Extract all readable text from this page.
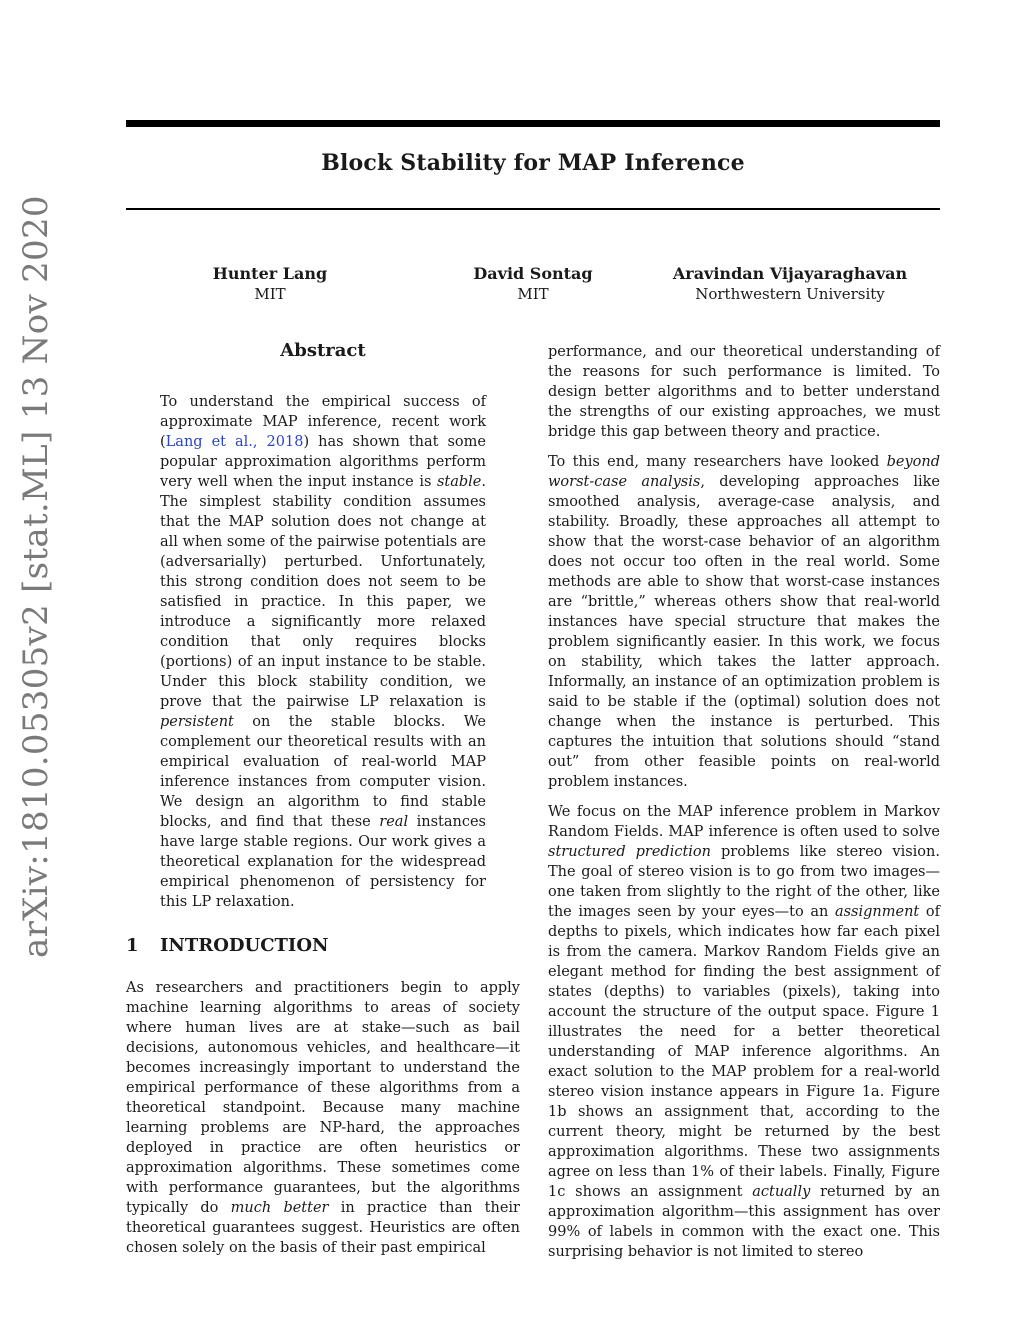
arXiv:1810.05305v2 [stat.ML] 13 Nov 2020
Block Stability for MAP Inference
Hunter Lang
MIT
David Sontag
MIT
Aravindan Vijayaraghavan
Northwestern University
Abstract
To understand the empirical success of approximate MAP inference, recent work (Lang et al., 2018) has shown that some popular approximation algorithms perform very well when the input instance is stable. The simplest stability condition assumes that the MAP solution does not change at all when some of the pairwise potentials are (adversarially) perturbed. Unfortunately, this strong condition does not seem to be satisfied in practice. In this paper, we introduce a significantly more relaxed condition that only requires blocks (portions) of an input instance to be stable. Under this block stability condition, we prove that the pairwise LP relaxation is persistent on the stable blocks. We complement our theoretical results with an empirical evaluation of real-world MAP inference instances from computer vision. We design an algorithm to find stable blocks, and find that these real instances have large stable regions. Our work gives a theoretical explanation for the widespread empirical phenomenon of persistency for this LP relaxation.
1 INTRODUCTION
As researchers and practitioners begin to apply machine learning algorithms to areas of society where human lives are at stake—such as bail decisions, autonomous vehicles, and healthcare—it becomes increasingly important to understand the empirical performance of these algorithms from a theoretical standpoint. Because many machine learning problems are NP-hard, the approaches deployed in practice are often heuristics or approximation algorithms. These sometimes come with performance guarantees, but the algorithms typically do much better in practice than their theoretical guarantees suggest. Heuristics are often chosen solely on the basis of their past empirical

performance, and our theoretical understanding of the reasons for such performance is limited. To design better algorithms and to better understand the strengths of our existing approaches, we must bridge this gap between theory and practice.

To this end, many researchers have looked beyond worst-case analysis, developing approaches like smoothed analysis, average-case analysis, and stability. Broadly, these approaches all attempt to show that the worst-case behavior of an algorithm does not occur too often in the real world. Some methods are able to show that worst-case instances are “brittle,” whereas others show that real-world instances have special structure that makes the problem significantly easier. In this work, we focus on stability, which takes the latter approach. Informally, an instance of an optimization problem is said to be stable if the (optimal) solution does not change when the instance is perturbed. This captures the intuition that solutions should “stand out” from other feasible points on real-world problem instances.

We focus on the MAP inference problem in Markov Random Fields. MAP inference is often used to solve structured prediction problems like stereo vision. The goal of stereo vision is to go from two images—one taken from slightly to the right of the other, like the images seen by your eyes—to an assignment of depths to pixels, which indicates how far each pixel is from the camera. Markov Random Fields give an elegant method for finding the best assignment of states (depths) to variables (pixels), taking into account the structure of the output space. Figure 1 illustrates the need for a better theoretical understanding of MAP inference algorithms. An exact solution to the MAP problem for a real-world stereo vision instance appears in Figure 1a. Figure 1b shows an assignment that, according to the current theory, might be returned by the best approximation algorithms. These two assignments agree on less than 1% of their labels. Finally, Figure 1c shows an assignment actually returned by an approximation algorithm—this assignment has over 99% of labels in common with the exact one. This surprising behavior is not limited to stereo
